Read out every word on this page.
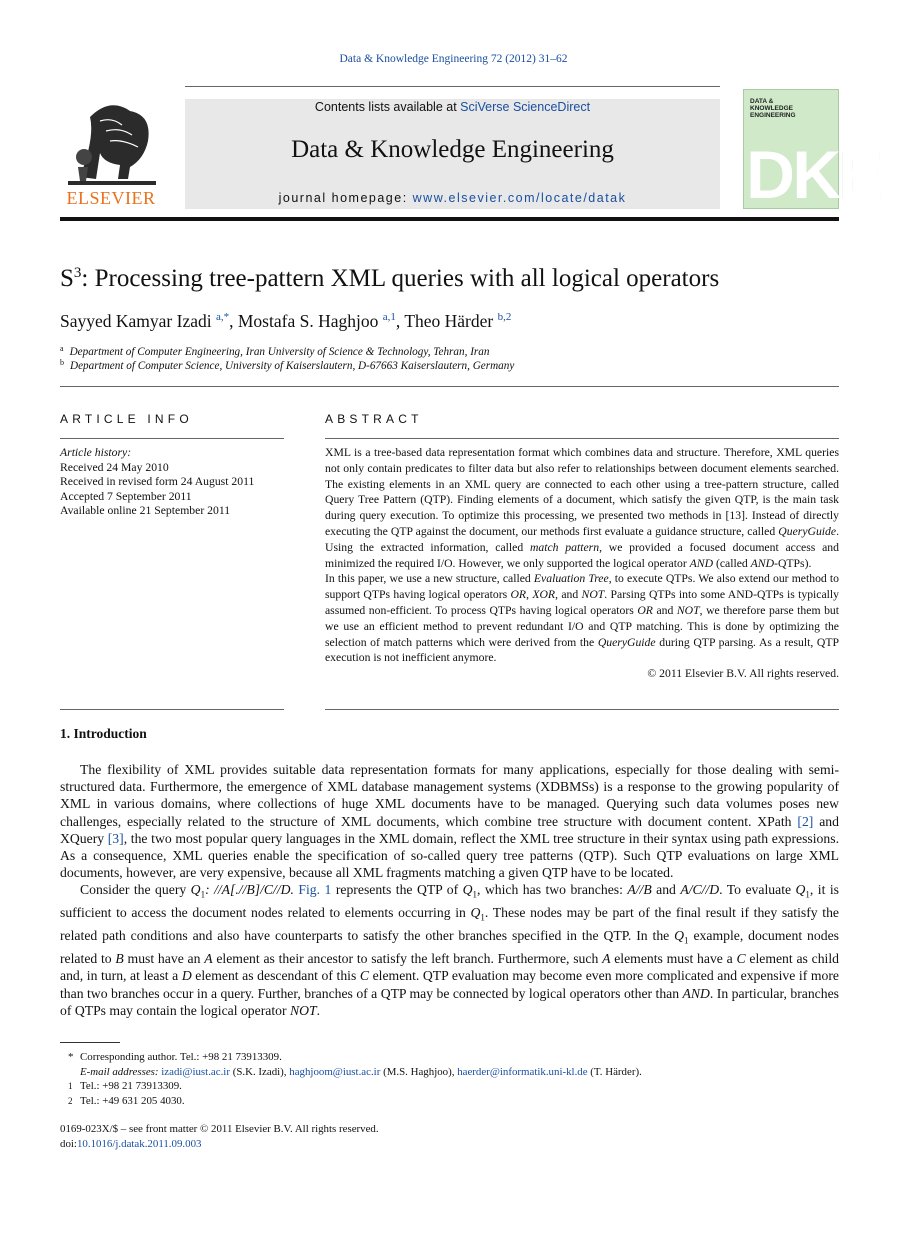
Data & Knowledge Engineering 72 (2012) 31–62
ELSEVIER
Contents lists available at SciVerse ScienceDirect
Data & Knowledge Engineering
journal homepage: www.elsevier.com/locate/datak
DATA &
KNOWLEDGE
ENGINEERING
DKE
$S^3$: Processing tree-pattern XML queries with all logical operators
Sayyed Kamyar Izadi $^{a,*}$, Mostafa S. Haghjoo $^{a,1}$, Theo Härder $^{b,2}$
$^a$ Department of Computer Engineering, Iran University of Science & Technology, Tehran, Iran
$^b$ Department of Computer Science, University of Kaiserslautern, D-67663 Kaiserslautern, Germany
ARTICLE INFO
Article history:
Received 24 May 2010
Received in revised form 24 August 2011
Accepted 7 September 2011
Available online 21 September 2011
ABSTRACT

XML is a tree-based data representation format which combines data and structure. Therefore, XML queries not only contain predicates to filter data but also refer to relationships between document elements searched. The existing elements in an XML query are connected to each other using a tree-pattern structure, called Query Tree Pattern (QTP). Finding elements of a document, which satisfy the given QTP, is the main task during query execution. To optimize this processing, we presented two methods in [13]. Instead of directly executing the QTP against the document, our methods first evaluate a guidance structure, called QueryGuide. Using the extracted information, called match pattern, we provided a focused document access and minimized the required I/O. However, we only supported the logical operator AND (called AND-QTPs).

In this paper, we use a new structure, called Evaluation Tree, to execute QTPs. We also extend our method to support QTPs having logical operators OR, XOR, and NOT. Parsing QTPs into some AND-QTPs is typically assumed non-efficient. To process QTPs having logical operators OR and NOT, we therefore parse them but we use an efficient method to prevent redundant I/O and QTP matching. This is done by optimizing the selection of match patterns which were derived from the QueryGuide during QTP parsing. As a result, QTP execution is not inefficient anymore.

© 2011 Elsevier B.V. All rights reserved.
1. Introduction

The flexibility of XML provides suitable data representation formats for many applications, especially for those dealing with semi-structured data. Furthermore, the emergence of XML database management systems (XDBMSs) is a response to the growing popularity of XML in various domains, where collections of huge XML documents have to be managed. Querying such data volumes poses new challenges, especially related to the structure of XML documents, which combine tree structure with document content. XPath [2] and XQuery [3], the two most popular query languages in the XML domain, reflect the XML tree structure in their syntax using path expressions. As a consequence, XML queries enable the specification of so-called query tree patterns (QTP). Such QTP evaluations on large XML documents, however, are very expensive, because all XML fragments matching a given QTP have to be located.

Consider the query $Q_1$: //A[.//B]/C//D. Fig. 1 represents the QTP of $Q_1$, which has two branches: A//B and A/C//D. To evaluate $Q_1$, it is sufficient to access the document nodes related to elements occurring in $Q_1$. These nodes may be part of the final result if they satisfy the related path conditions and also have counterparts to satisfy the other branches specified in the QTP. In the $Q_1$ example, document nodes related to B must have an A element as their ancestor to satisfy the left branch. Furthermore, such A elements must have a C element as child and, in turn, at least a D element as descendant of this C element. QTP evaluation may become even more complicated and expensive if more than two branches occur in a query. Further, branches of a QTP may be connected by logical operators other than AND. In particular, branches of QTPs may contain the logical operator NOT.

* Corresponding author. Tel.: +98 21 73913309.
E-mail addresses: izadi@iust.ac.ir (S.K. Izadi), haghjoom@iust.ac.ir (M.S. Haghjoo), haerder@informatik.uni-kl.de (T. Härder).
1 Tel.: +98 21 73913309.
2 Tel.: +49 631 205 4030.
0169-023X/$ – see front matter © 2011 Elsevier B.V. All rights reserved.
doi:10.1016/j.datak.2011.09.003
